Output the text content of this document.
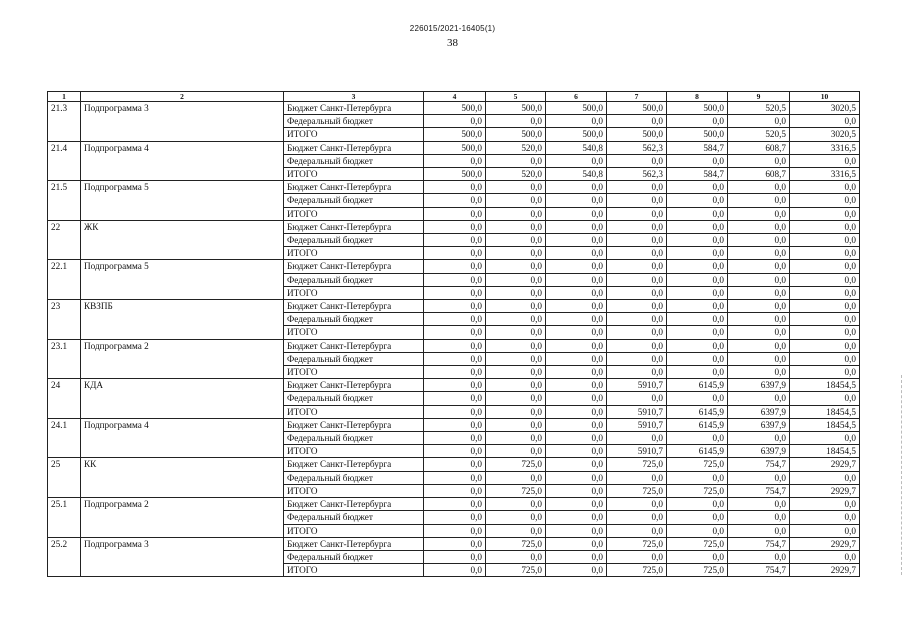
226015/2021-16405(1)
38
1	2	3	4	5	6	7	8	9	10
21.3	Подпрограмма 3	Бюджет Санкт-Петербурга	500,0	500,0	500,0	500,0	500,0	520,5	3020,5
		Федеральный бюджет	0,0	0,0	0,0	0,0	0,0	0,0	0,0
		ИТОГО	500,0	500,0	500,0	500,0	500,0	520,5	3020,5
21.4	Подпрограмма 4	Бюджет Санкт-Петербурга	500,0	520,0	540,8	562,3	584,7	608,7	3316,5
		Федеральный бюджет	0,0	0,0	0,0	0,0	0,0	0,0	0,0
		ИТОГО	500,0	520,0	540,8	562,3	584,7	608,7	3316,5
21.5	Подпрограмма 5	Бюджет Санкт-Петербурга	0,0	0,0	0,0	0,0	0,0	0,0	0,0
		Федеральный бюджет	0,0	0,0	0,0	0,0	0,0	0,0	0,0
		ИТОГО	0,0	0,0	0,0	0,0	0,0	0,0	0,0
22	ЖК	Бюджет Санкт-Петербурга	0,0	0,0	0,0	0,0	0,0	0,0	0,0
		Федеральный бюджет	0,0	0,0	0,0	0,0	0,0	0,0	0,0
		ИТОГО	0,0	0,0	0,0	0,0	0,0	0,0	0,0
22.1	Подпрограмма 5	Бюджет Санкт-Петербурга	0,0	0,0	0,0	0,0	0,0	0,0	0,0
		Федеральный бюджет	0,0	0,0	0,0	0,0	0,0	0,0	0,0
		ИТОГО	0,0	0,0	0,0	0,0	0,0	0,0	0,0
23	КВЗПБ	Бюджет Санкт-Петербурга	0,0	0,0	0,0	0,0	0,0	0,0	0,0
		Федеральный бюджет	0,0	0,0	0,0	0,0	0,0	0,0	0,0
		ИТОГО	0,0	0,0	0,0	0,0	0,0	0,0	0,0
23.1	Подпрограмма 2	Бюджет Санкт-Петербурга	0,0	0,0	0,0	0,0	0,0	0,0	0,0
		Федеральный бюджет	0,0	0,0	0,0	0,0	0,0	0,0	0,0
		ИТОГО	0,0	0,0	0,0	0,0	0,0	0,0	0,0
24	КДА	Бюджет Санкт-Петербурга	0,0	0,0	0,0	5910,7	6145,9	6397,9	18454,5
		Федеральный бюджет	0,0	0,0	0,0	0,0	0,0	0,0	0,0
		ИТОГО	0,0	0,0	0,0	5910,7	6145,9	6397,9	18454,5
24.1	Подпрограмма 4	Бюджет Санкт-Петербурга	0,0	0,0	0,0	5910,7	6145,9	6397,9	18454,5
		Федеральный бюджет	0,0	0,0	0,0	0,0	0,0	0,0	0,0
		ИТОГО	0,0	0,0	0,0	5910,7	6145,9	6397,9	18454,5
25	КК	Бюджет Санкт-Петербурга	0,0	725,0	0,0	725,0	725,0	754,7	2929,7
		Федеральный бюджет	0,0	0,0	0,0	0,0	0,0	0,0	0,0
		ИТОГО	0,0	725,0	0,0	725,0	725,0	754,7	2929,7
25.1	Подпрограмма 2	Бюджет Санкт-Петербурга	0,0	0,0	0,0	0,0	0,0	0,0	0,0
		Федеральный бюджет	0,0	0,0	0,0	0,0	0,0	0,0	0,0
		ИТОГО	0,0	0,0	0,0	0,0	0,0	0,0	0,0
25.2	Подпрограмма 3	Бюджет Санкт-Петербурга	0,0	725,0	0,0	725,0	725,0	754,7	2929,7
		Федеральный бюджет	0,0	0,0	0,0	0,0	0,0	0,0	0,0
		ИТОГО	0,0	725,0	0,0	725,0	725,0	754,7	2929,7
